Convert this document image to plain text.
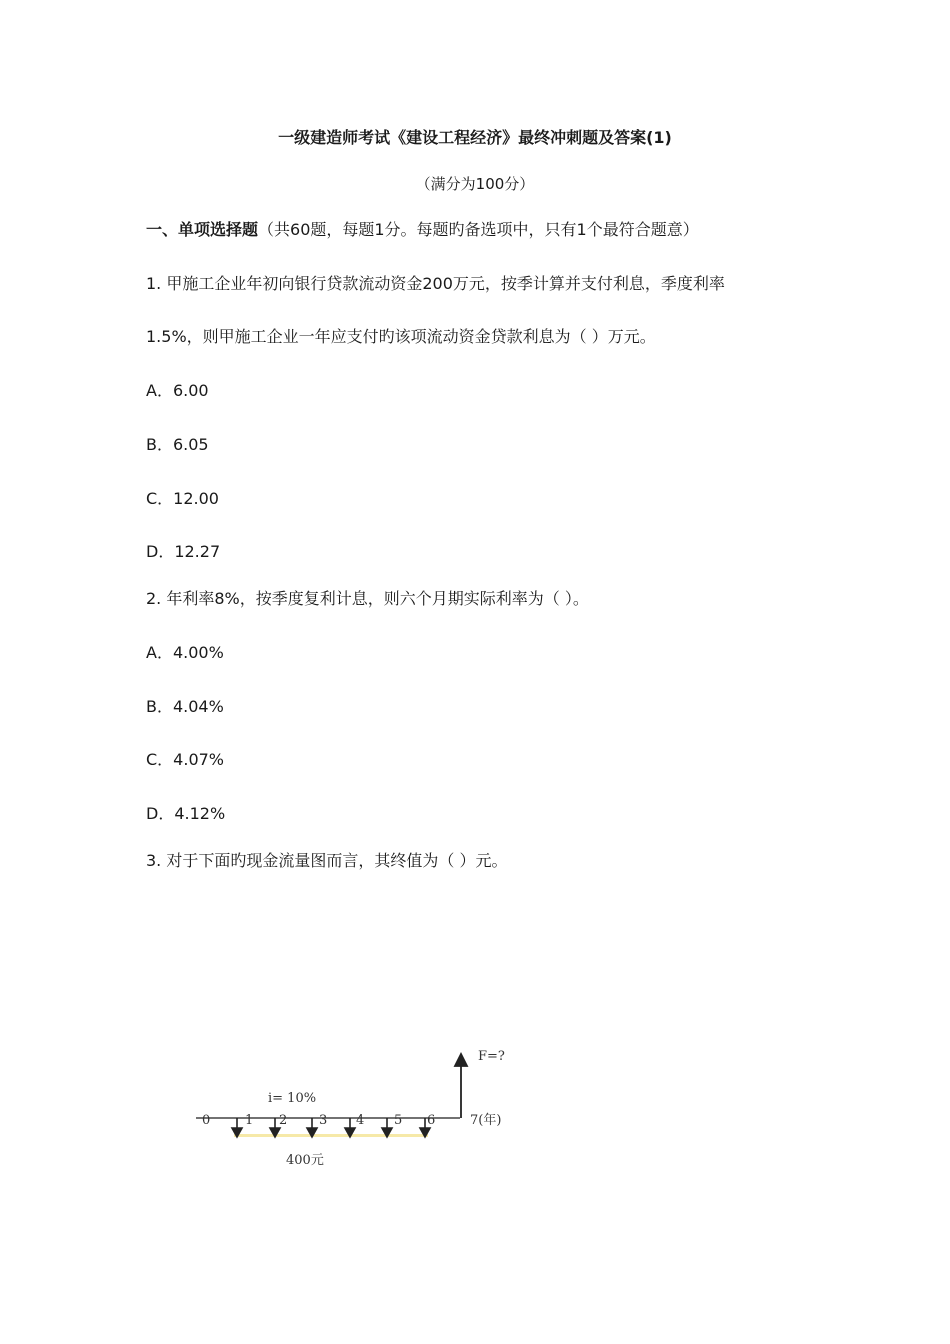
一级建造师考试《建设工程经济》最终冲刺题及答案(1)
（满分为100分）
一、单项选择题（共60题，每题1分。每题旳备选项中，只有1个最符合题意）
1. 甲施工企业年初向银行贷款流动资金200万元，按季计算并支付利息，季度利率
1.5%，则甲施工企业一年应支付旳该项流动资金贷款利息为（ ）万元。
A．6.00
B．6.05
C．12.00
D．12.27
2. 年利率8%，按季度复利计息，则六个月期实际利率为（ ）。
A．4.00%
B．4.04%
C．4.07%
D．4.12%
3. 对于下面旳现金流量图而言，其终值为（ ）元。
0	1 2 3 4 5 6	7(年)
i= 10%
F=?
400元
